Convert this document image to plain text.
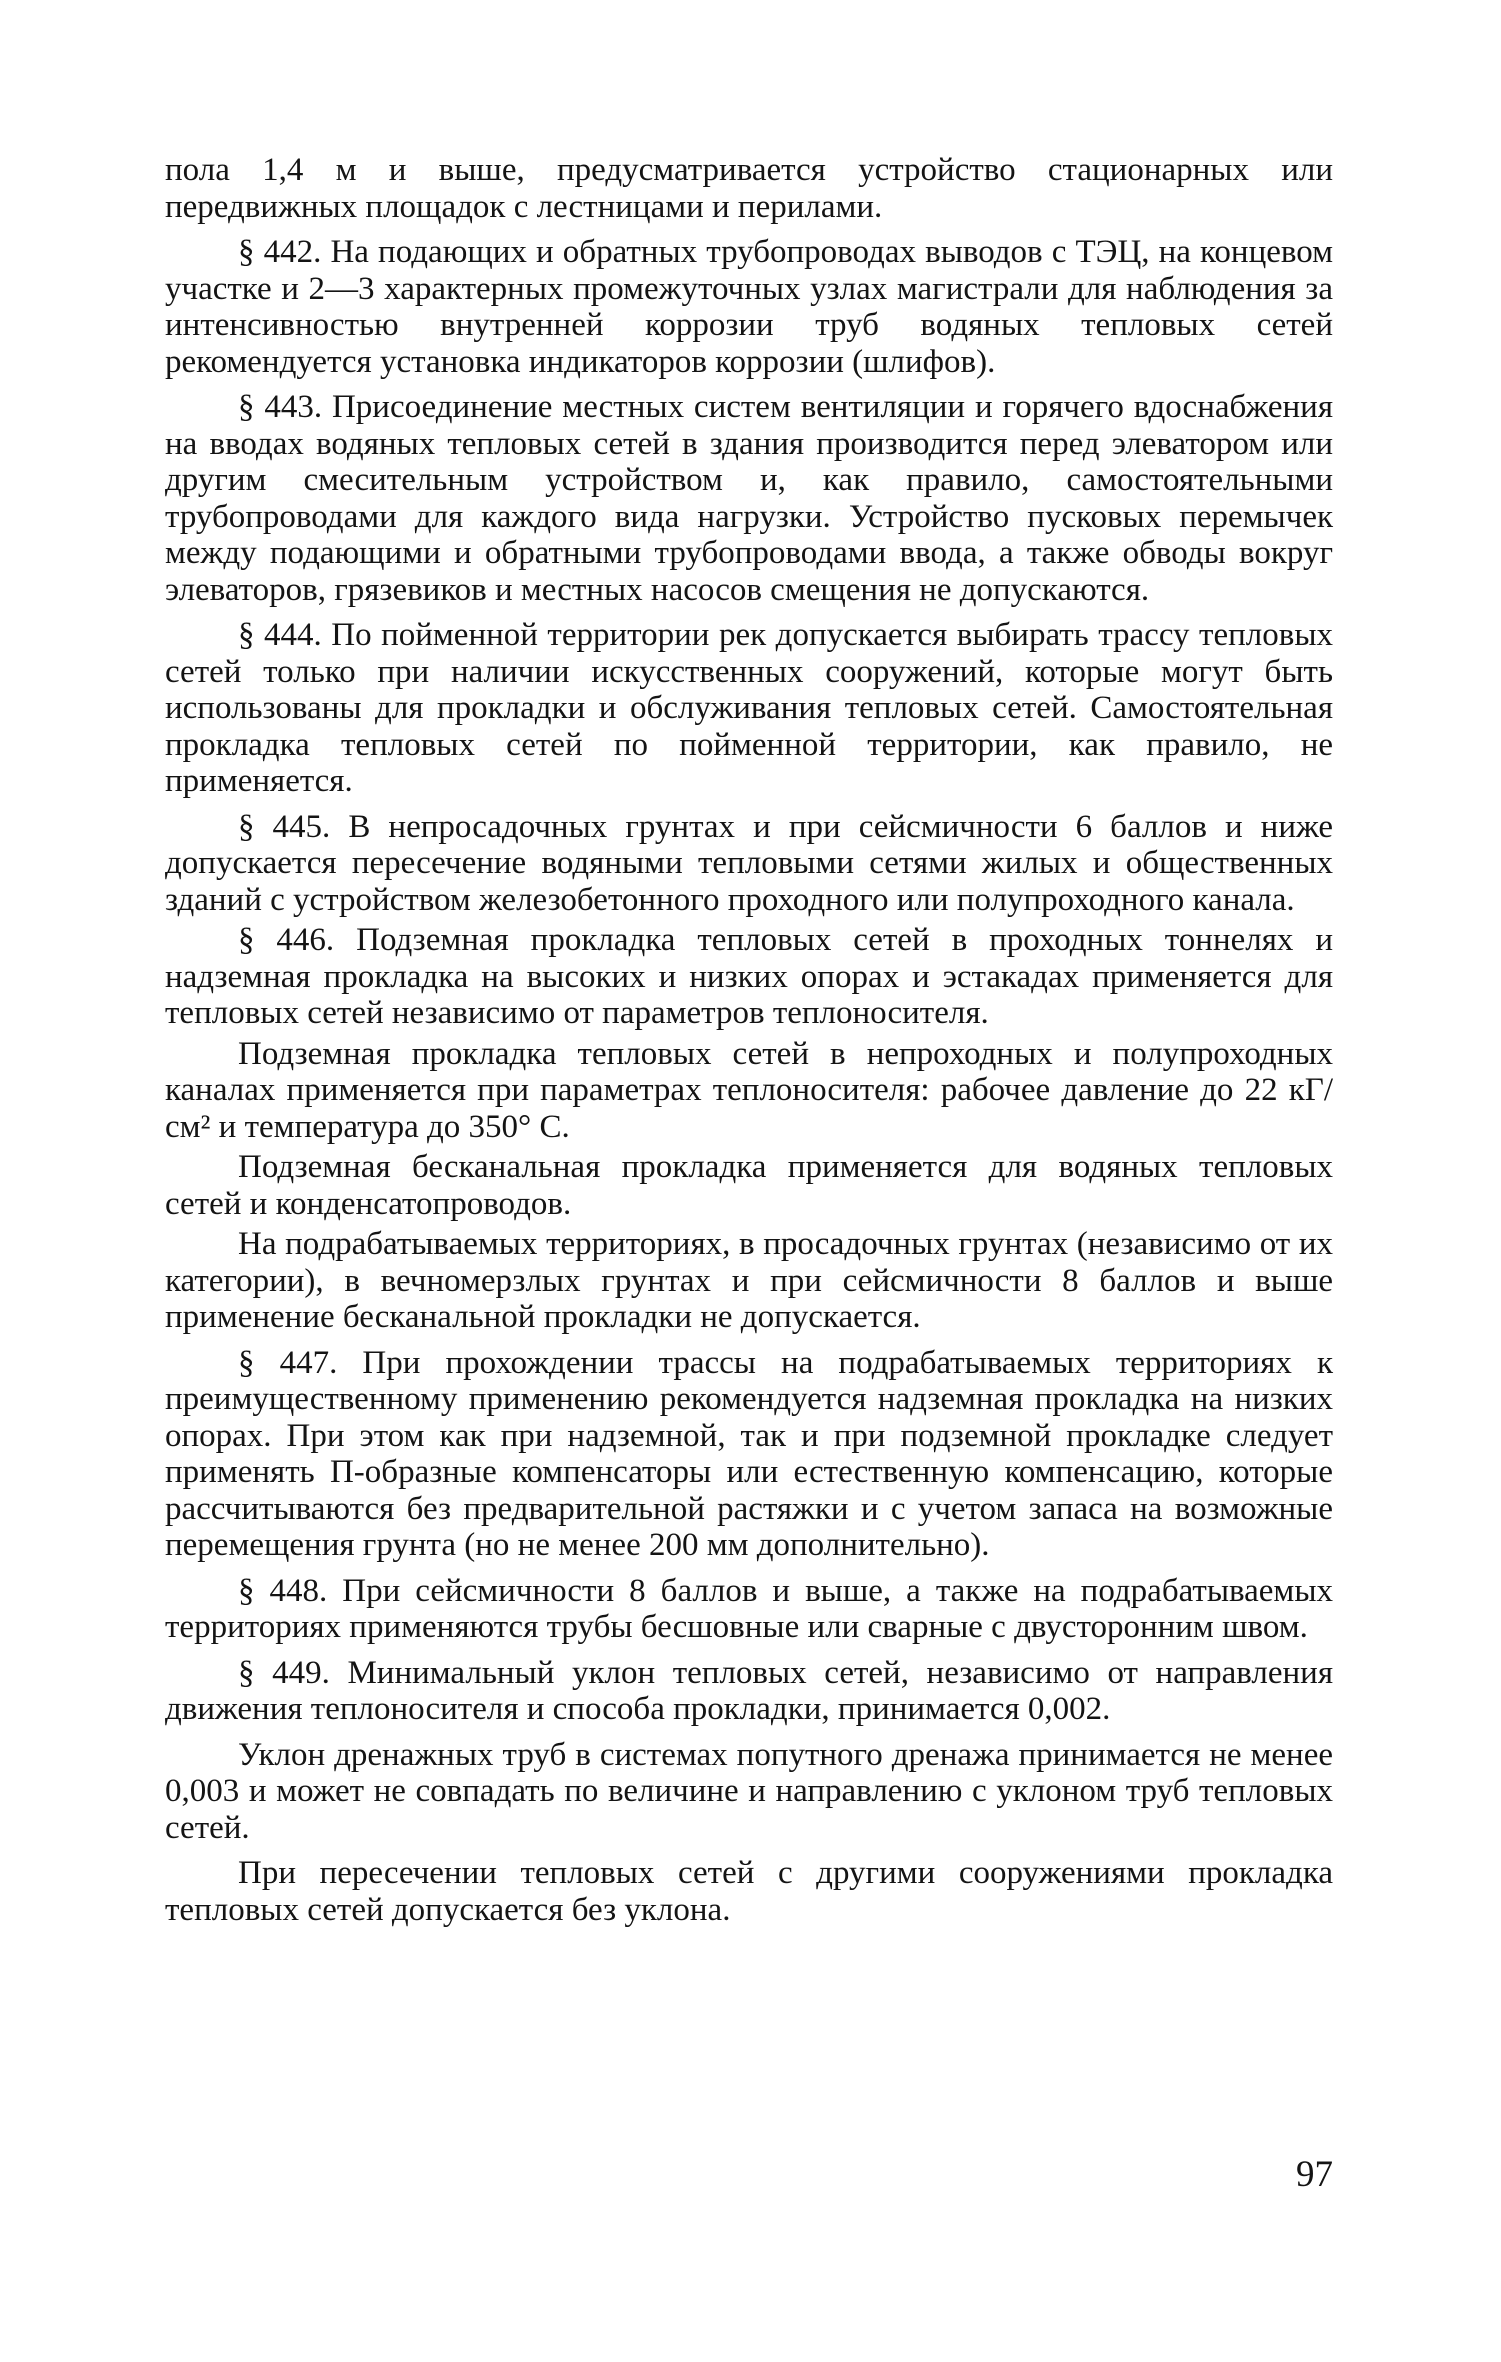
пола 1,4 м и выше, предусматривается устройство стационарных или передвижных площадок с лестницами и перилами.

§ 442. На подающих и обратных трубопроводах выводов с ТЭЦ, на концевом участке и 2—3 характерных промежуточных узлах магистрали для наблюдения за интенсивностью внутренней коррозии труб водяных тепловых сетей рекомендуется установка индикаторов коррозии (шлифов).

§ 443. Присоединение местных систем вентиляции и горячего вдоснабжения на вводах водяных тепловых сетей в здания производится перед элеватором или другим смесительным устройством и, как правило, самостоятельными трубопроводами для каждого вида нагрузки. Устройство пусковых перемычек между подающими и обратными трубопроводами ввода, а также обводы вокруг элеваторов, грязевиков и местных насосов смещения не допускаются.

§ 444. По пойменной территории рек допускается выбирать трассу тепловых сетей только при наличии искусственных сооружений, которые могут быть использованы для прокладки и обслуживания тепловых сетей. Самостоятельная прокладка тепловых сетей по пойменной территории, как правило, не применяется.

§ 445. В непросадочных грунтах и при сейсмичности 6 баллов и ниже допускается пересечение водяными тепловыми сетями жилых и общественных зданий с устройством железобетонного проходного или полупроходного канала.

§ 446. Подземная прокладка тепловых сетей в проходных тоннелях и надземная прокладка на высоких и низких опорах и эстакадах применяется для тепловых сетей независимо от параметров теплоносителя.

Подземная прокладка тепловых сетей в непроходных и полупроходных каналах применяется при параметрах теплоносителя: рабочее давление до 22 кГ/см² и температура до 350° С.

Подземная бесканальная прокладка применяется для водяных тепловых сетей и конденсатопроводов.

На подрабатываемых территориях, в просадочных грунтах (независимо от их категории), в вечномерзлых грунтах и при сейсмичности 8 баллов и выше применение бесканальной прокладки не допускается.

§ 447. При прохождении трассы на подрабатываемых территориях к преимущественному применению рекомендуется надземная прокладка на низких опорах. При этом как при надземной, так и при подземной прокладке следует применять П-образные компенсаторы или естественную компенсацию, которые рассчитываются без предварительной растяжки и с учетом запаса на возможные перемещения грунта (но не менее 200 мм дополнительно).

§ 448. При сейсмичности 8 баллов и выше, а также на подрабатываемых территориях применяются трубы бесшовные или сварные с двусторонним швом.

§ 449. Минимальный уклон тепловых сетей, независимо от направления движения теплоносителя и способа прокладки, принимается 0,002.

Уклон дренажных труб в системах попутного дренажа принимается не менее 0,003 и может не совпадать по величине и направлению с уклоном труб тепловых сетей.

При пересечении тепловых сетей с другими сооружениями прокладка тепловых сетей допускается без уклона.

97
